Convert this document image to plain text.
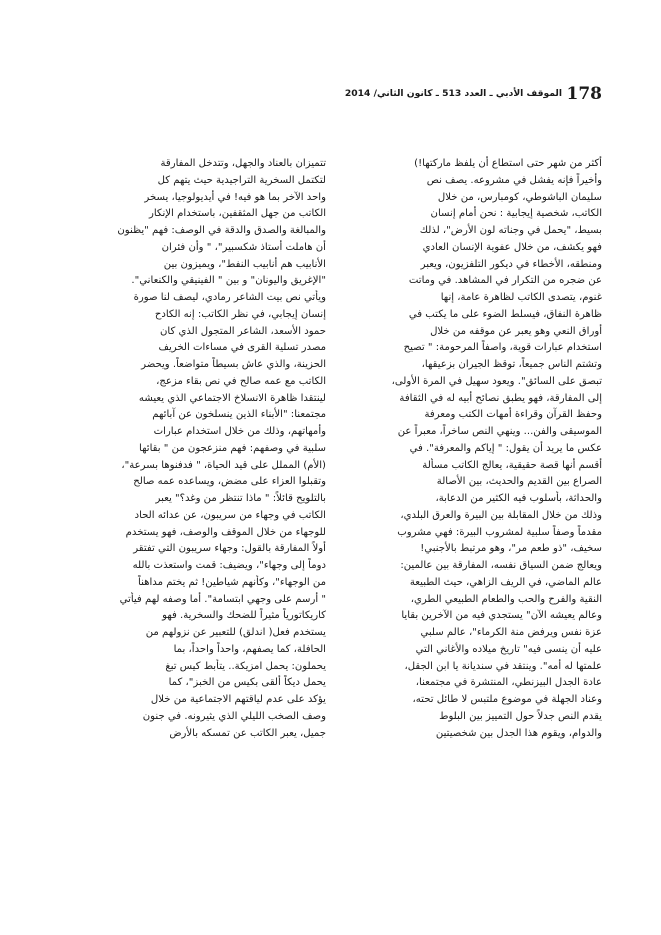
178
الموقف الأدبي ـ العدد 513 ـ كانون الثاني/ 2014
أكثر من شهر حتى استطاع أن يلفظ ماركتها!)
وأخيراً فإنه يفشل في مشروعه. يصف نص
سليمان الباشوطي، كومبارس، من خلال
الكاتب، شخصية إيجابية : نحن أمام إنسان
بسيط، "يحمل في وجناته لون الأرض"، لذلك
فهو يكشف، من خلال عفوية الإنسان العادي
ومنطقه، الأخطاء في ديكور التلفزيون، ويعبر
عن ضجره من التكرار في المشاهد. في وماتت
غنوم، يتصدى الكاتب لظاهرة عامة، إنها
ظاهرة النفاق، فيسلط الضوء على ما يكتب في
أوراق النعي وهو يعبر عن موقفه من خلال
استخدام عبارات قوية، واصفاً المرحومة: " تصيح
وتشتم الناس جميعاً، توقظ الجيران بزعيقها،
تبصق على السائق". ويعود سهيل في المرة الأولى،
إلى المفارقة، فهو يطبق نصائح أبيه له في الثقافة
وحفظ القرآن وقراءة أمهات الكتب ومعرفة
الموسيقى والفن... وينهي النص ساخراً، معبراً عن
عكس ما يريد أن يقول: " إياكم والمعرفة". في
أقسم أنها قصة حقيقية، يعالج الكاتب مسألة
الصراع بين القديم والحديث، بين الأصالة
والحداثة، بأسلوب فيه الكثير من الدعابة،
وذلك من خلال المقابلة بين البيرة والعرق البلدي،
مقدماً وصفاً سلبية لمشروب البيرة: فهي مشروب
سخيف، "ذو طعم مر"، وهو مرتبط بالأجنبي!
ويعالج ضمن السياق نفسه، المفارقة بين عالمين:
عالم الماضي، في الريف الزاهي، حيث الطبيعة
النقية والفرح والحب والطعام الطبيعي الطري،
وعالم يعيشه الآن" يستجدي فيه من الآخرين بقايا
عزة نفس ويرفض منة الكرماء"، عالم سلبي
عليه أن ينسى فيه" تاريخ ميلاده والأغاني التي
علمتها له أمه". وينتقد في سنديانة يا ابن الجقل،
عادة الجدل البيزنطي، المنتشرة في مجتمعنا،
وعناد الجهلة في موضوع ملتبس لا طائل تحته،
يقدم النص جدلاً حول التمييز بين البلوط
والدوام، ويقوم هذا الجدل بين شخصيتين
تتميزان بالعناد والجهل، وتتدخل المفارقة
لتكتمل السخرية التراجيدية حيث يتهم كل
واحد الآخر بما هو فيه! في أيديولوجيا، يسخر
الكاتب من جهل المثقفين، باستخدام الإنكار
والمبالغة والصدق والدقة في الوصف: فهم "يظنون
أن هاملت أستاذ شكسبير"، " وأن فئران
الأنابيب هم أنابيب النفط"، ويميزون بين
"الإغريق واليونان" و بين " الفينيقي والكنعاني".
ويأتي نص بيت الشاعر رمادي، ليصف لنا صورة
إنسان إيجابي، في نظر الكاتب: إنه الكادح
حمود الأسعد، الشاعر المتجول الذي كان
مصدر تسلية القرى في مساءات الخريف
الحزينة، والذي عاش بسيطاً متواضعاً. ويحضر
الكاتب مع عمه صالح في نص بقاء مزعج،
لينتقدا ظاهرة الانسلاخ الاجتماعي الذي يعيشه
مجتمعنا: "الأبناء الذين ينسلخون عن آبائهم
وأمهاتهم، وذلك من خلال استخدام عبارات
سلبية في وصفهم: فهم منزعجون من " بقائها
(الأم) المملل على قيد الحياة، " فدفنوها بسرعة"،
وتقبلوا العزاء على مضض، ويساعده عمه صالح
بالتلويح قائلاً: " ماذا تنتظر من وغد؟" يعبر
الكاتب في وجهاء من سريبون، عن عدائه الحاد
للوجهاء من خلال الموقف والوصف، فهو يستخدم
أولاً المفارقة بالقول: وجهاء سريبون التي تفتقر
دوماً إلى وجهاء"، ويضيف: قمت واستعذت بالله
من الوجهاء"، وكأنهم شياطين! ثم يختم مداهناً
" أرسم على وجهي ابتسامة". أما وصفه لهم فيأتي
كاريكاتورياً مثيراً للضحك والسخرية. فهو
يستخدم فعل( اندلق) للتعبير عن نزولهم من
الحافلة، كما يصفهم، واحداً واحداً، بما
يحملون: يحمل امزيكة.. يتأبط كيس تبغ
يحمل ديكاً ألقى بكيس من الخبز"، كما
يؤكد على عدم لياقتهم الاجتماعية من خلال
وصف الصخب الليلي الذي يثيرونه. في جنون
جميل، يعبر الكاتب عن تمسكه بالأرض
